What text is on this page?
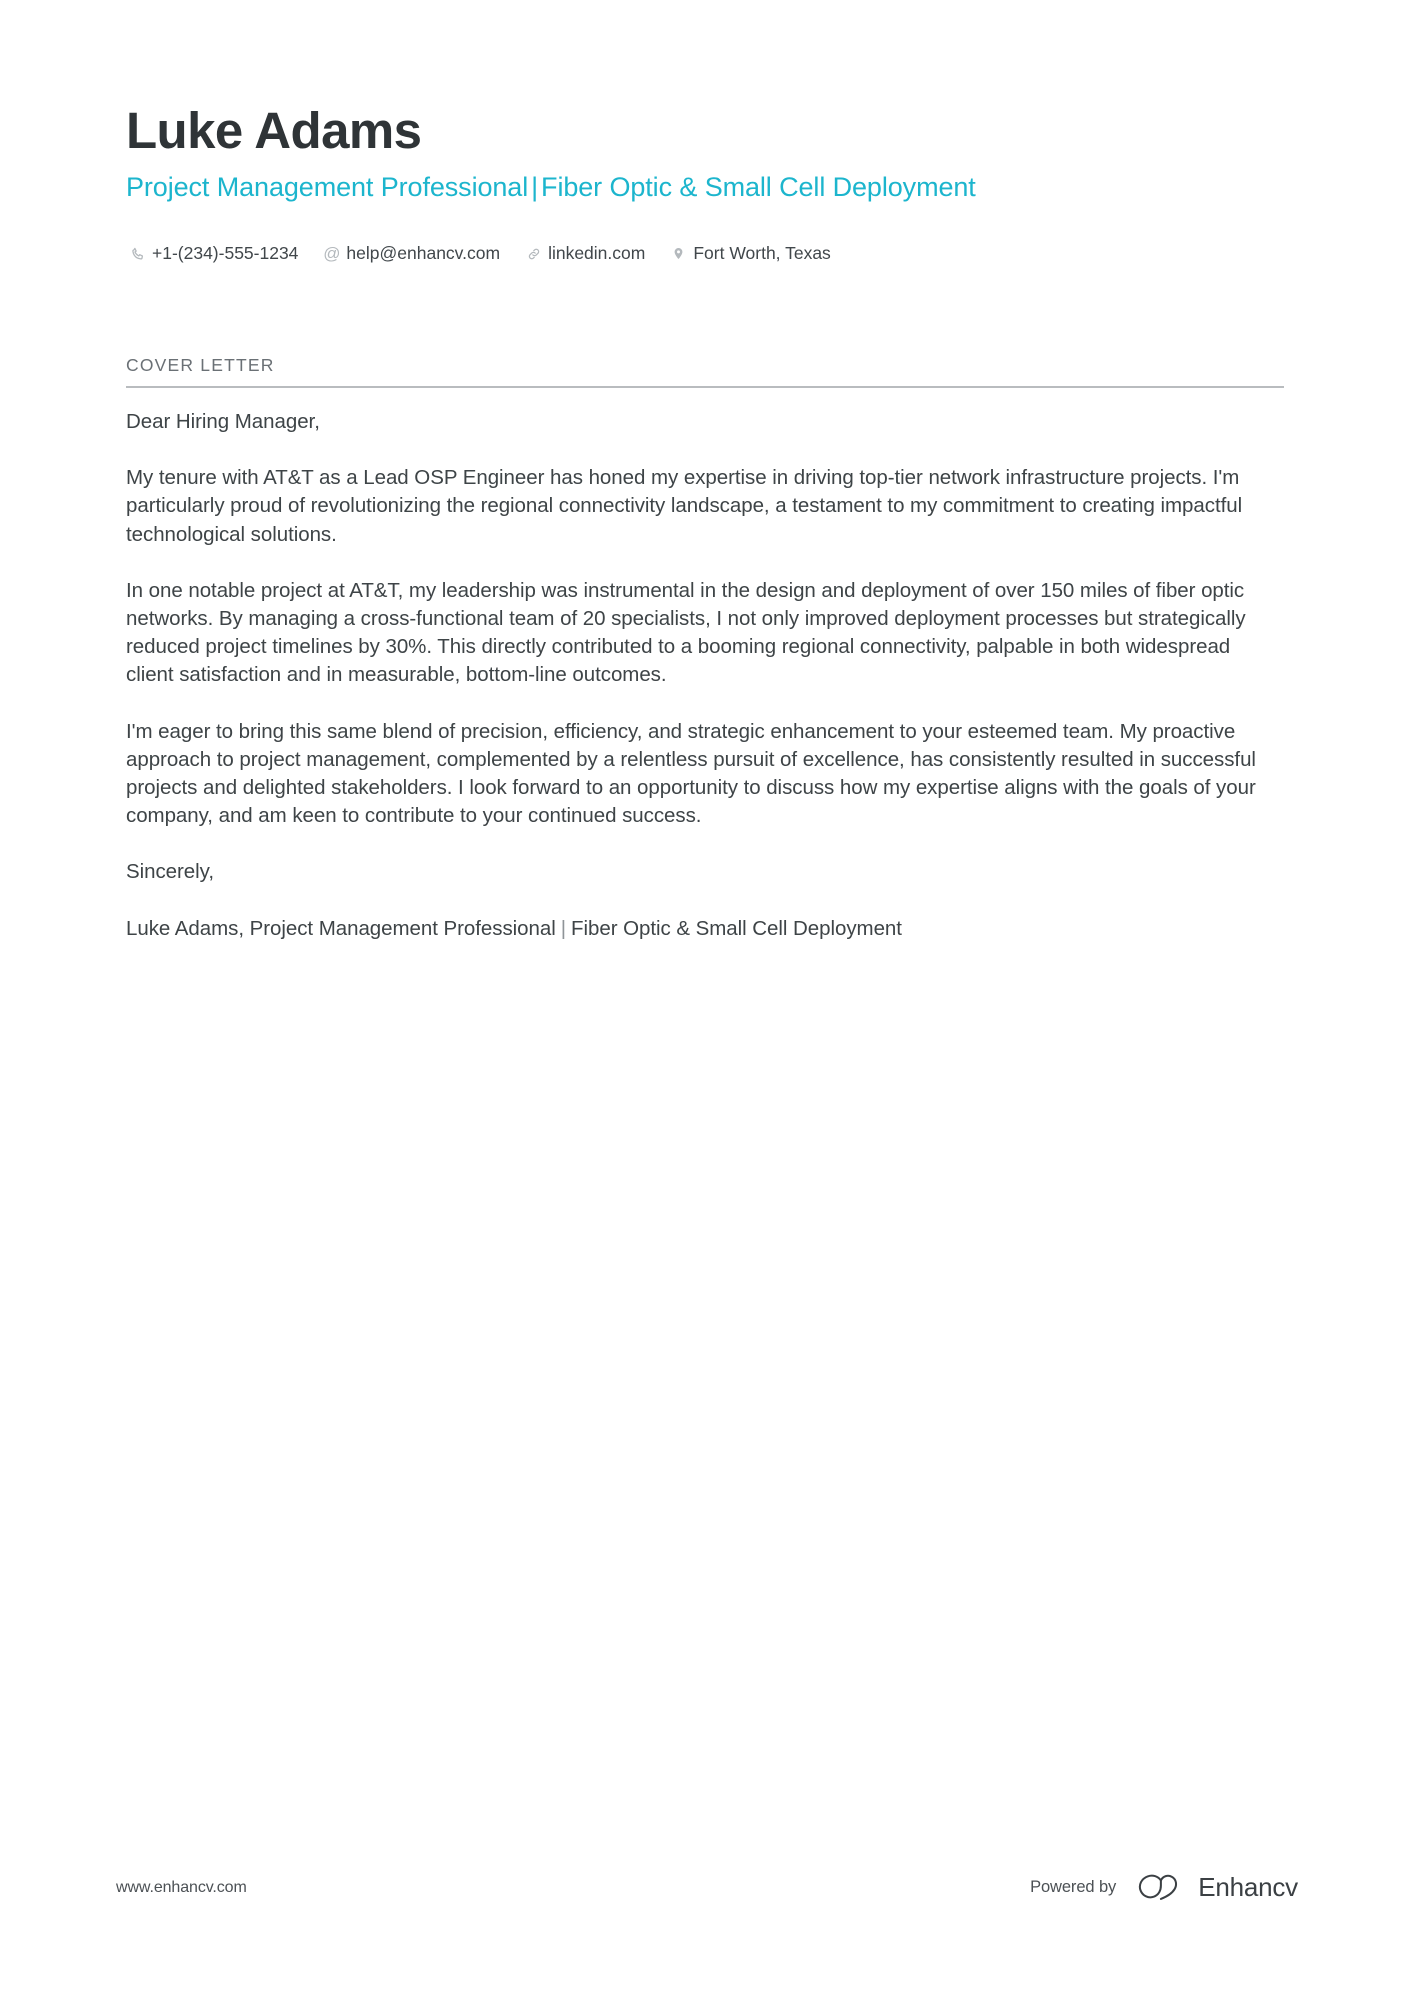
Luke Adams
Project Management Professional | Fiber Optic & Small Cell Deployment
+1-(234)-555-1234 @ help@enhancv.com	linkedin.com	Fort Worth, Texas
COVER LETTER

Dear Hiring Manager,

My tenure with AT&T as a Lead OSP Engineer has honed my expertise in driving top-tier network infrastructure projects. I'm particularly proud of revolutionizing the regional connectivity landscape, a testament to my commitment to creating impactful technological solutions.

In one notable project at AT&T, my leadership was instrumental in the design and deployment of over 150 miles of fiber optic networks. By managing a cross-functional team of 20 specialists, I not only improved deployment processes but strategically reduced project timelines by 30%. This directly contributed to a booming regional connectivity, palpable in both widespread client satisfaction and in measurable, bottom-line outcomes.

I'm eager to bring this same blend of precision, efficiency, and strategic enhancement to your esteemed team. My proactive approach to project management, complemented by a relentless pursuit of excellence, has consistently resulted in successful projects and delighted stakeholders. I look forward to an opportunity to discuss how my expertise aligns with the goals of your company, and am keen to contribute to your continued success.

Sincerely,

Luke Adams, Project Management Professional | Fiber Optic & Small Cell Deployment

www.enhancv.com	Powered by	Enhancv
